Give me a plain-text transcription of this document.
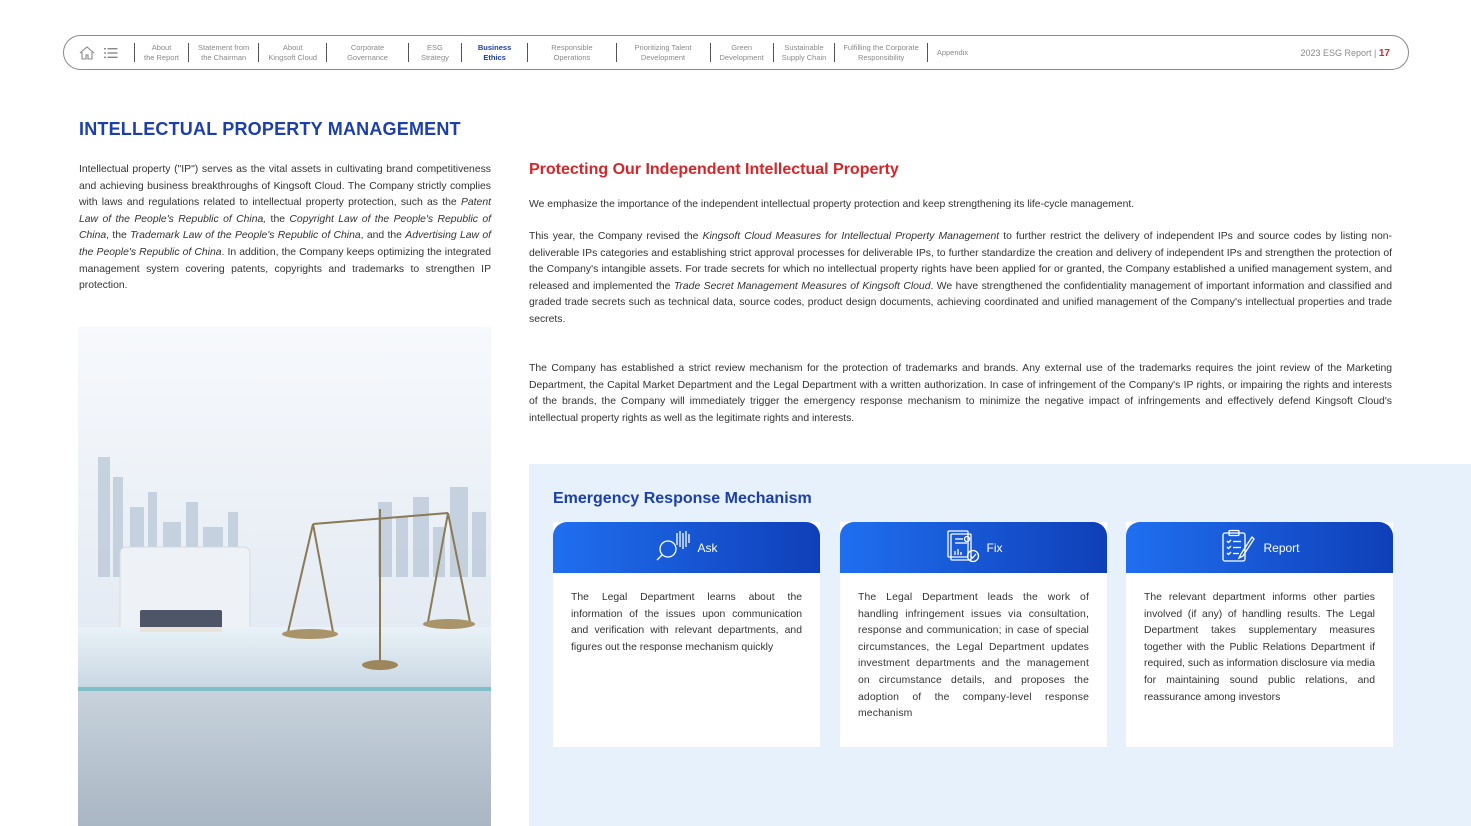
About
the Report
Statement from
the Chairman
About
Kingsoft Cloud
Corporate
Governance
ESG
Strategy
Business
Ethics
Responsible
Operations
Prioritizing Talent
Development
Green
Development
Sustainable
Supply Chain
Fulfilling the Corporate
Responsibility
Appendix	2023 ESG Report | 17
INTELLECTUAL PROPERTY MANAGEMENT

Intellectual property ("IP") serves as the vital assets in cultivating brand competitiveness and achieving business breakthroughs of Kingsoft Cloud. The Company strictly complies with laws and regulations related to intellectual property protection, such as the Patent Law of the People's Republic of China, the Copyright Law of the People's Republic of China, the Trademark Law of the People's Republic of China, and the Advertising Law of the People's Republic of China. In addition, the Company keeps optimizing the integrated management system covering patents, copyrights and trademarks to strengthen IP protection.

Protecting Our Independent Intellectual Property

We emphasize the importance of the independent intellectual property protection and keep strengthening its life-cycle management.

This year, the Company revised the Kingsoft Cloud Measures for Intellectual Property Management to further restrict the delivery of independent IPs and source codes by listing non-deliverable IPs categories and establishing strict approval processes for deliverable IPs, to further standardize the creation and delivery of independent IPs and strengthen the protection of the Company's intangible assets. For trade secrets for which no intellectual property rights have been applied for or granted, the Company established a unified management system, and released and implemented the Trade Secret Management Measures of Kingsoft Cloud. We have strengthened the confidentiality management of important information and classified and graded trade secrets such as technical data, source codes, product design documents, achieving coordinated and unified management of the Company's intellectual properties and trade secrets.

The Company has established a strict review mechanism for the protection of trademarks and brands. Any external use of the trademarks requires the joint review of the Marketing Department, the Capital Market Department and the Legal Department with a written authorization. In case of infringement of the Company's IP rights, or impairing the rights and interests of the brands, the Company will immediately trigger the emergency response mechanism to minimize the negative impact of infringements and effectively defend Kingsoft Cloud's intellectual property rights as well as the legitimate rights and interests.

Emergency Response Mechanism
Ask

The Legal Department learns about the information of the issues upon communication and verification with relevant departments, and figures out the response mechanism quickly

Fix

The Legal Department leads the work of handling infringement issues via consultation, response and communication; in case of special circumstances, the Legal Department updates investment departments and the management on circumstance details, and proposes the adoption of the company-level response mechanism

Report

The relevant department informs other parties involved (if any) of handling results. The Legal Department takes supplementary measures together with the Public Relations Department if required, such as information disclosure via media for maintaining sound public relations, and reassurance among investors
